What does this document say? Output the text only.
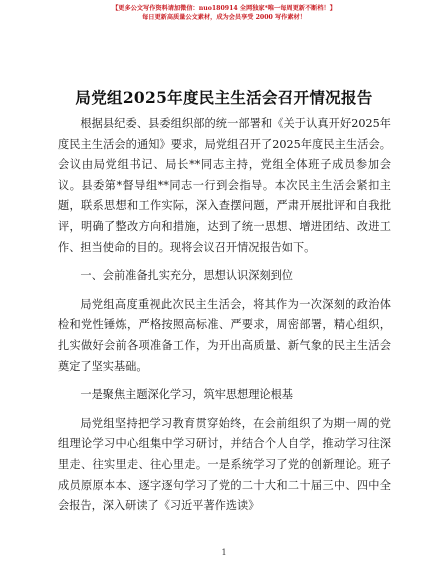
【更多公文写作资料请加微信：nuo180914 全网独家*唯一每周更新不断档！】
每日更新高质量公文素材，成为会员享受 2000 写作素材！
局党组2025年度民主生活会召开情况报告

根据县纪委、县委组织部的统一部署和《关于认真开好2025年度民主生活会的通知》要求，局党组召开了2025年度民主生活会。会议由局党组书记、局长**同志主持，党组全体班子成员参加会议。县委第*督导组**同志一行到会指导。本次民主生活会紧扣主题，联系思想和工作实际，深入查摆问题，严肃开展批评和自我批评，明确了整改方向和措施，达到了统一思想、增进团结、改进工作、担当使命的目的。现将会议召开情况报告如下。

一、会前准备扎实充分，思想认识深刻到位

局党组高度重视此次民主生活会，将其作为一次深刻的政治体检和党性锤炼，严格按照高标准、严要求，周密部署，精心组织，扎实做好会前各项准备工作，为开出高质量、新气象的民主生活会奠定了坚实基础。

一是聚焦主题深化学习，筑牢思想理论根基

局党组坚持把学习教育贯穿始终，在会前组织了为期一周的党组理论学习中心组集中学习研讨，并结合个人自学，推动学习往深里走、往实里走、往心里走。一是系统学习了党的创新理论。班子成员原原本本、逐字逐句学习了党的二十大和二十届三中、四中全会报告，深入研读了《习近平著作选读》

1
